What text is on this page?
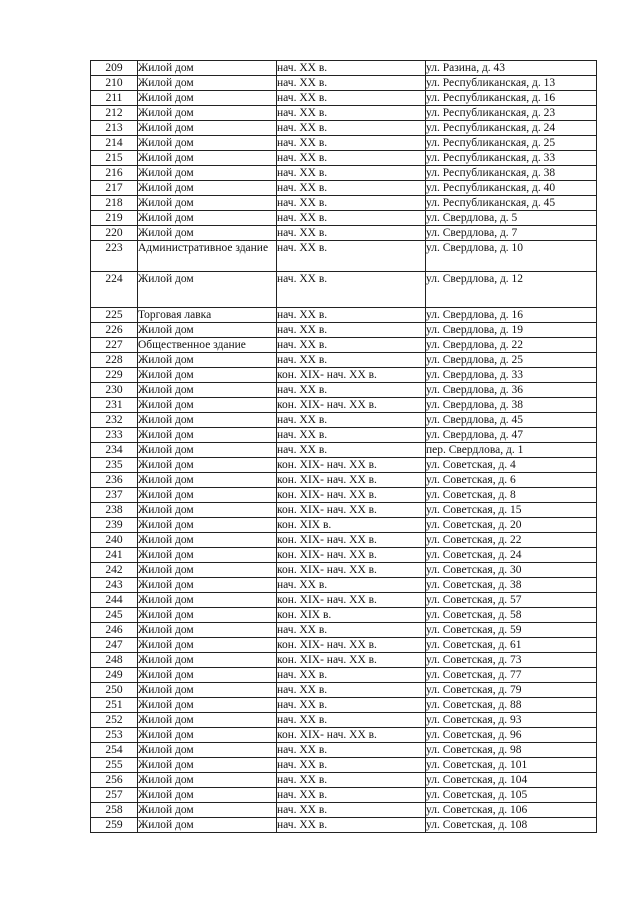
209	Жилой дом	нач. XX в.	ул. Разина, д. 43
210	Жилой дом	нач. XX в.	ул. Республиканская, д. 13
211	Жилой дом	нач. XX в.	ул. Республиканская, д. 16
212	Жилой дом	нач. XX в.	ул. Республиканская, д. 23
213	Жилой дом	нач. XX в.	ул. Республиканская, д. 24
214	Жилой дом	нач. XX в.	ул. Республиканская, д. 25
215	Жилой дом	нач. XX в.	ул. Республиканская, д. 33
216	Жилой дом	нач. XX в.	ул. Республиканская, д. 38
217	Жилой дом	нач. XX в.	ул. Республиканская, д. 40
218	Жилой дом	нач. XX в.	ул. Республиканская, д. 45
219	Жилой дом	нач. XX в.	ул. Свердлова, д. 5
220	Жилой дом	нач. XX в.	ул. Свердлова, д. 7
223	Административное здание	нач. XX в.	ул. Свердлова, д. 10
224	Жилой дом	нач. XX в.	ул. Свердлова, д. 12
225	Торговая лавка	нач. XX в.	ул. Свердлова, д. 16
226	Жилой дом	нач. XX в.	ул. Свердлова, д. 19
227	Общественное здание	нач. XX в.	ул. Свердлова, д. 22
228	Жилой дом	нач. XX в.	ул. Свердлова, д. 25
229	Жилой дом	кон. XIX- нач. XX в.	ул. Свердлова, д. 33
230	Жилой дом	нач. XX в.	ул. Свердлова, д. 36
231	Жилой дом	кон. XIX- нач. XX в.	ул. Свердлова, д. 38
232	Жилой дом	нач. XX в.	ул. Свердлова, д. 45
233	Жилой дом	нач. XX в.	ул. Свердлова, д. 47
234	Жилой дом	нач. XX в.	пер. Свердлова, д. 1
235	Жилой дом	кон. XIX- нач. XX в.	ул. Советская, д. 4
236	Жилой дом	кон. XIX- нач. XX в.	ул. Советская, д. 6
237	Жилой дом	кон. XIX- нач. XX в.	ул. Советская, д. 8
238	Жилой дом	кон. XIX- нач. XX в.	ул. Советская, д. 15
239	Жилой дом	кон. XIX в.	ул. Советская, д. 20
240	Жилой дом	кон. XIX- нач. XX в.	ул. Советская, д. 22
241	Жилой дом	кон. XIX- нач. XX в.	ул. Советская, д. 24
242	Жилой дом	кон. XIX- нач. XX в.	ул. Советская, д. 30
243	Жилой дом	нач. XX в.	ул. Советская, д. 38
244	Жилой дом	кон. XIX- нач. XX в.	ул. Советская, д. 57
245	Жилой дом	кон. XIX в.	ул. Советская, д. 58
246	Жилой дом	нач. XX в.	ул. Советская, д. 59
247	Жилой дом	кон. XIX- нач. XX в.	ул. Советская, д. 61
248	Жилой дом	кон. XIX- нач. XX в.	ул. Советская, д. 73
249	Жилой дом	нач. XX в.	ул. Советская, д. 77
250	Жилой дом	нач. XX в.	ул. Советская, д. 79
251	Жилой дом	нач. XX в.	ул. Советская, д. 88
252	Жилой дом	нач. XX в.	ул. Советская, д. 93
253	Жилой дом	кон. XIX- нач. XX в.	ул. Советская, д. 96
254	Жилой дом	нач. XX в.	ул. Советская, д. 98
255	Жилой дом	нач. XX в.	ул. Советская, д. 101
256	Жилой дом	нач. XX в.	ул. Советская, д. 104
257	Жилой дом	нач. XX в.	ул. Советская, д. 105
258	Жилой дом	нач. XX в.	ул. Советская, д. 106
259	Жилой дом	нач. XX в.	ул. Советская, д. 108
